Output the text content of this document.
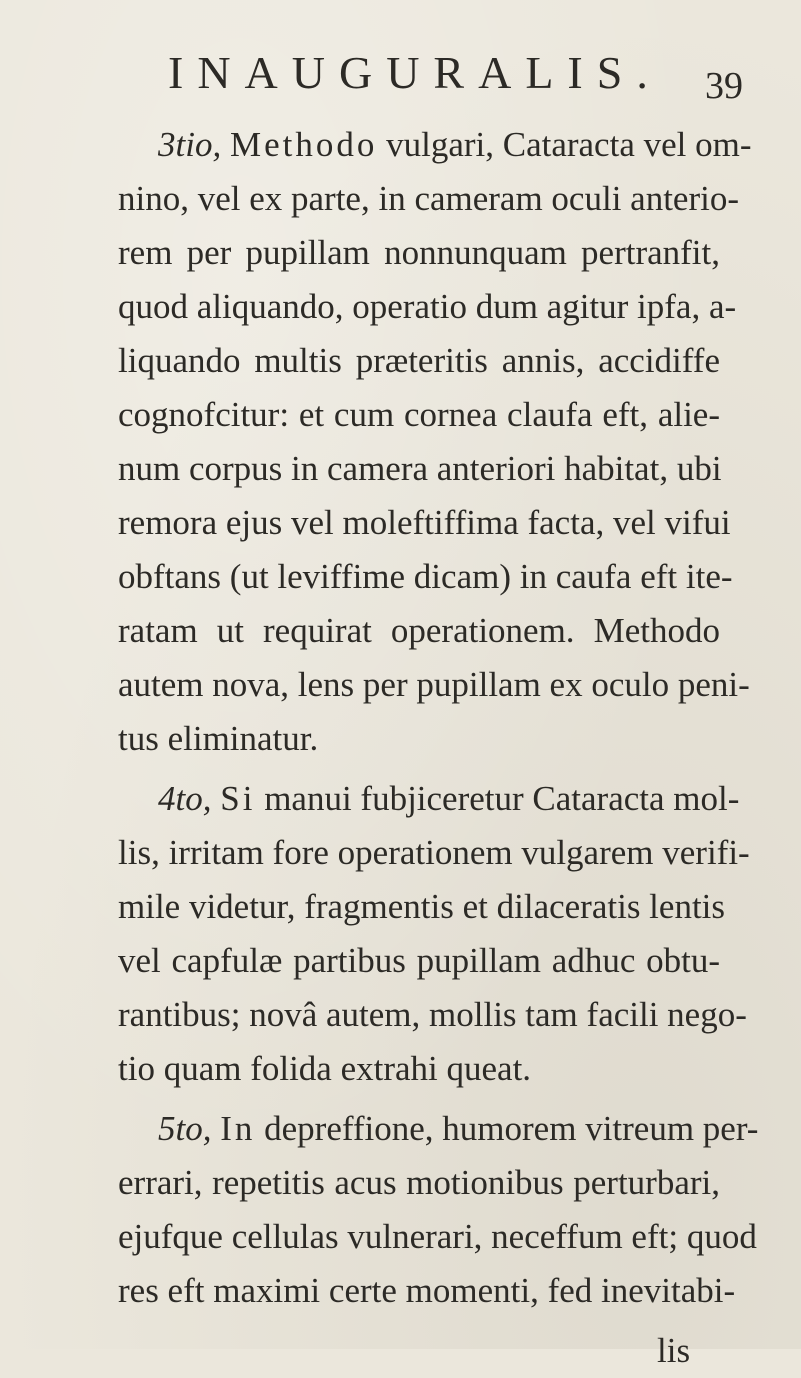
INAUGURALIS. 39
3tio, Methodo vulgari, Cataracta vel om-
nino, vel ex parte, in cameram oculi anterio-
rem per pupillam nonnunquam pertranfit,
quod aliquando, operatio dum agitur ipfa, a-
liquando multis præteritis annis, accidiffe
cognofcitur: et cum cornea claufa eft, alie-
num corpus in camera anteriori habitat, ubi
remora ejus vel moleftiffima facta, vel vifui
obftans (ut leviffime dicam) in caufa eft ite-
ratam ut requirat operationem. Methodo
autem nova, lens per pupillam ex oculo peni-
tus eliminatur.
4to, Si manui fubjiceretur Cataracta mol-
lis, irritam fore operationem vulgarem verifi-
mile videtur, fragmentis et dilaceratis lentis
vel capfulæ partibus pupillam adhuc obtu-
rantibus; novâ autem, mollis tam facili nego-
tio quam folida extrahi queat.
5to, In depreffione, humorem vitreum per-
errari, repetitis acus motionibus perturbari,
ejufque cellulas vulnerari, neceffum eft; quod
res eft maximi certe momenti, fed inevitabi-
lis
